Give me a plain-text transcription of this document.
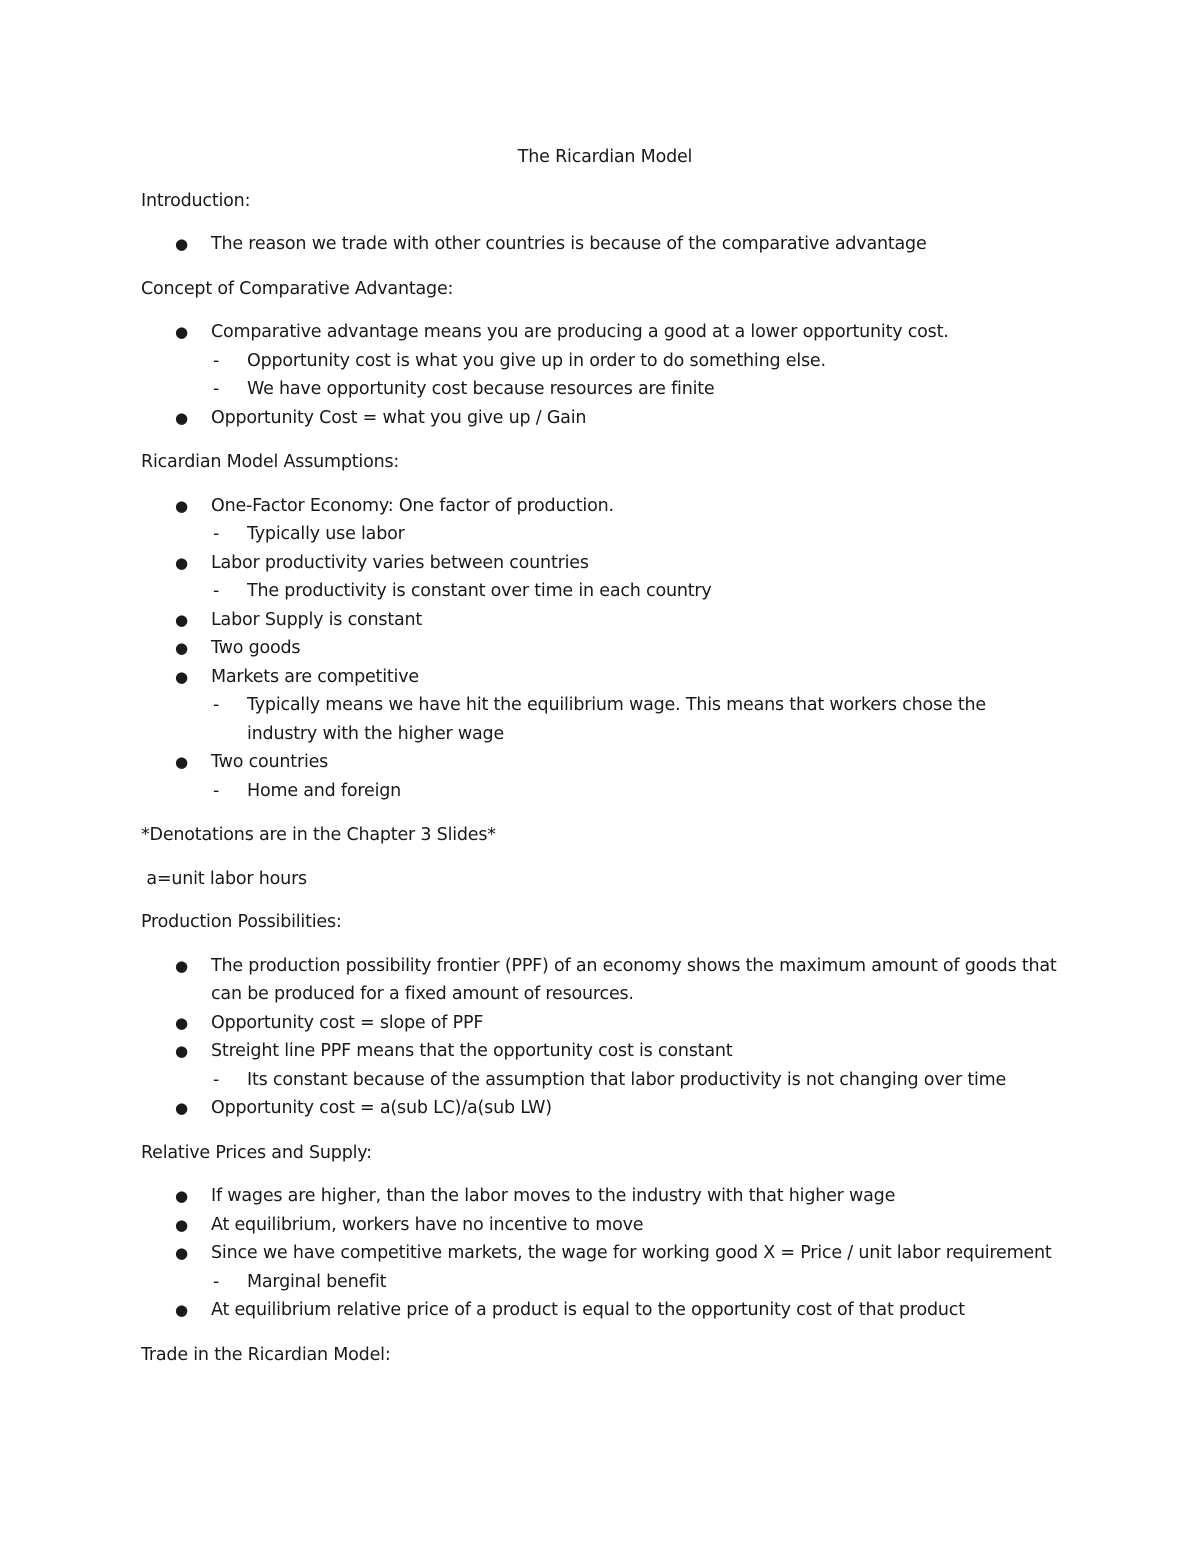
The Ricardian Model
Introduction:
● The reason we trade with other countries is because of the comparative advantage
Concept of Comparative Advantage:
● Comparative advantage means you are producing a good at a lower opportunity cost.
- Opportunity cost is what you give up in order to do something else.
- We have opportunity cost because resources are finite
● Opportunity Cost = what you give up / Gain
Ricardian Model Assumptions:
● One-Factor Economy: One factor of production.
- Typically use labor
● Labor productivity varies between countries
- The productivity is constant over time in each country
● Labor Supply is constant
● Two goods
● Markets are competitive
- Typically means we have hit the equilibrium wage. This means that workers chose the industry with the higher wage
● Two countries
- Home and foreign
*Denotations are in the Chapter 3 Slides*
a=unit labor hours
Production Possibilities:
● The production possibility frontier (PPF) of an economy shows the maximum amount of goods that can be produced for a fixed amount of resources.
● Opportunity cost = slope of PPF
● Streight line PPF means that the opportunity cost is constant
- Its constant because of the assumption that labor productivity is not changing over time
● Opportunity cost = a(sub LC)/a(sub LW)
Relative Prices and Supply:
● If wages are higher, than the labor moves to the industry with that higher wage
● At equilibrium, workers have no incentive to move
● Since we have competitive markets, the wage for working good X = Price / unit labor requirement
- Marginal benefit
● At equilibrium relative price of a product is equal to the opportunity cost of that product
Trade in the Ricardian Model:
